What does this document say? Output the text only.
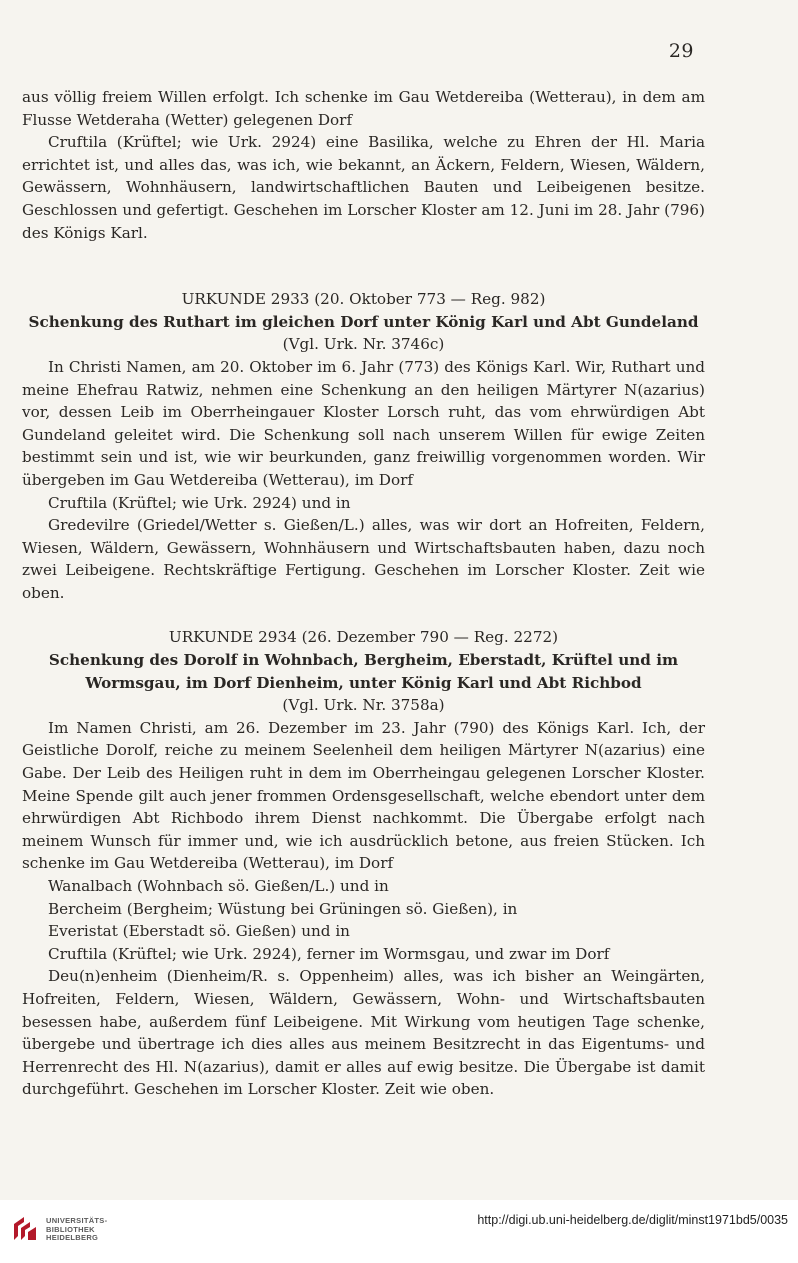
29

aus völlig freiem Willen erfolgt. Ich schenke im Gau Wetdereiba (Wetterau), in dem am Flusse Wetderaha (Wetter) gelegenen Dorf

Cruftila (Krüftel; wie Urk. 2924) eine Basilika, welche zu Ehren der Hl. Maria errichtet ist, und alles das, was ich, wie bekannt, an Äckern, Feldern, Wiesen, Wäldern, Gewässern, Wohnhäusern, landwirtschaftlichen Bauten und Leibeigenen besitze. Geschlossen und gefertigt. Geschehen im Lorscher Kloster am 12. Juni im 28. Jahr (796) des Königs Karl.

URKUNDE 2933 (20. Oktober 773 — Reg. 982)

Schenkung des Ruthart im gleichen Dorf unter König Karl und Abt Gundeland

(Vgl. Urk. Nr. 3746c)

In Christi Namen, am 20. Oktober im 6. Jahr (773) des Königs Karl. Wir, Ruthart und meine Ehefrau Ratwiz, nehmen eine Schenkung an den heiligen Märtyrer N(azarius) vor, dessen Leib im Oberrheingauer Kloster Lorsch ruht, das vom ehrwürdigen Abt Gundeland geleitet wird. Die Schenkung soll nach unserem Willen für ewige Zeiten bestimmt sein und ist, wie wir beurkunden, ganz freiwillig vorgenommen worden. Wir übergeben im Gau Wetdereiba (Wetterau), im Dorf

Cruftila (Krüftel; wie Urk. 2924) und in

Gredevilre (Griedel/Wetter s. Gießen/L.) alles, was wir dort an Hofreiten, Feldern, Wiesen, Wäldern, Gewässern, Wohnhäusern und Wirtschaftsbauten haben, dazu noch zwei Leibeigene. Rechtskräftige Fertigung. Geschehen im Lorscher Kloster. Zeit wie oben.

URKUNDE 2934 (26. Dezember 790 — Reg. 2272)

Schenkung des Dorolf in Wohnbach, Bergheim, Eberstadt, Krüftel und im Wormsgau, im Dorf Dienheim, unter König Karl und Abt Richbod

(Vgl. Urk. Nr. 3758a)

Im Namen Christi, am 26. Dezember im 23. Jahr (790) des Königs Karl. Ich, der Geistliche Dorolf, reiche zu meinem Seelenheil dem heiligen Märtyrer N(azarius) eine Gabe. Der Leib des Heiligen ruht in dem im Oberrheingau gelegenen Lorscher Kloster. Meine Spende gilt auch jener frommen Ordensgesellschaft, welche ebendort unter dem ehrwürdigen Abt Richbodo ihrem Dienst nachkommt. Die Übergabe erfolgt nach meinem Wunsch für immer und, wie ich ausdrücklich betone, aus freien Stücken. Ich schenke im Gau Wetdereiba (Wetterau), im Dorf

Wanalbach (Wohnbach sö. Gießen/L.) und in

Bercheim (Bergheim; Wüstung bei Grüningen sö. Gießen), in

Everistat (Eberstadt sö. Gießen) und in

Cruftila (Krüftel; wie Urk. 2924), ferner im Wormsgau, und zwar im Dorf

Deu(n)enheim (Dienheim/R. s. Oppenheim) alles, was ich bisher an Weingärten, Hofreiten, Feldern, Wiesen, Wäldern, Gewässern, Wohn- und Wirtschaftsbauten besessen habe, außerdem fünf Leibeigene. Mit Wirkung vom heutigen Tage schenke, übergebe und übertrage ich dies alles aus meinem Besitzrecht in das Eigentums- und Herrenrecht des Hl. N(azarius), damit er alles auf ewig besitze. Die Übergabe ist damit durchgeführt. Geschehen im Lorscher Kloster. Zeit wie oben.

UNIVERSITÄTS-
BIBLIOTHEK
HEIDELBERG
http://digi.ub.uni-heidelberg.de/diglit/minst1971bd5/0035
